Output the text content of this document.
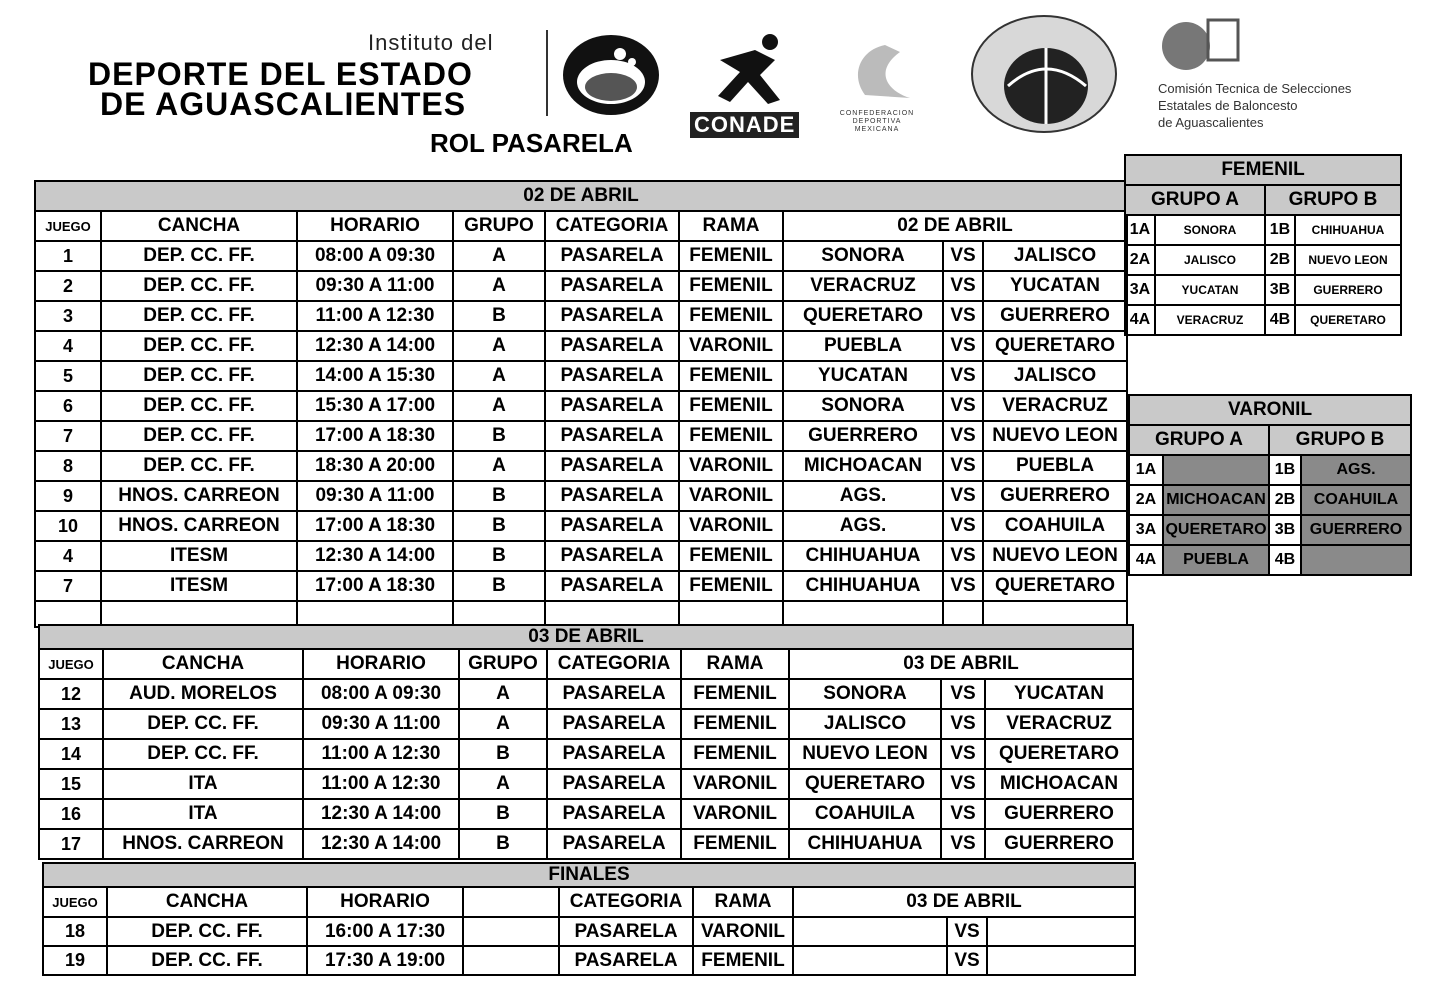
Instituto del
DEPORTE DEL ESTADO
DE AGUASCALIENTES
CONADE	CONFEDERACION DEPORTIVA MEXICANA
Comisión Tecnica de Selecciones
Estatales de Baloncesto
de Aguascalientes
ROL PASARELA
02 DE ABRIL								
JUEGO	CANCHA	HORARIO	GRUPO	CATEGORIA	RAMA	02 DE ABRIL		
1	DEP. CC. FF.	08:00 A 09:30	A	PASARELA	FEMENIL	SONORA	VS	JALISCO
2	DEP. CC. FF.	09:30 A 11:00	A	PASARELA	FEMENIL	VERACRUZ	VS	YUCATAN
3	DEP. CC. FF.	11:00 A 12:30	B	PASARELA	FEMENIL	QUERETARO	VS	GUERRERO
4	DEP. CC. FF.	12:30 A 14:00	A	PASARELA	VARONIL	PUEBLA	VS	QUERETARO
5	DEP. CC. FF.	14:00 A 15:30	A	PASARELA	FEMENIL	YUCATAN	VS	JALISCO
6	DEP. CC. FF.	15:30 A 17:00	A	PASARELA	FEMENIL	SONORA	VS	VERACRUZ
7	DEP. CC. FF.	17:00 A 18:30	B	PASARELA	FEMENIL	GUERRERO	VS	NUEVO LEON
8	DEP. CC. FF.	18:30 A 20:00	A	PASARELA	VARONIL	MICHOACAN	VS	PUEBLA
9	HNOS. CARREON	09:30 A 11:00	B	PASARELA	VARONIL	AGS.	VS	GUERRERO
10	HNOS. CARREON	17:00 A 18:30	B	PASARELA	VARONIL	AGS.	VS	COAHUILA
4	ITESM	12:30 A 14:00	B	PASARELA	FEMENIL	CHIHUAHUA	VS	NUEVO LEON
7	ITESM	17:00 A 18:30	B	PASARELA	FEMENIL	CHIHUAHUA	VS	QUERETARO

03 DE ABRIL								
JUEGO	CANCHA	HORARIO	GRUPO	CATEGORIA	RAMA	03 DE ABRIL		
12	AUD. MORELOS	08:00 A 09:30	A	PASARELA	FEMENIL	SONORA	VS	YUCATAN
13	DEP. CC. FF.	09:30 A 11:00	A	PASARELA	FEMENIL	JALISCO	VS	VERACRUZ
14	DEP. CC. FF.	11:00 A 12:30	B	PASARELA	FEMENIL	NUEVO LEON	VS	QUERETARO
15	ITA	11:00 A 12:30	A	PASARELA	VARONIL	QUERETARO	VS	MICHOACAN
16	ITA	12:30 A 14:00	B	PASARELA	VARONIL	COAHUILA	VS	GUERRERO
17	HNOS. CARREON	12:30 A 14:00	B	PASARELA	FEMENIL	CHIHUAHUA	VS	GUERRERO
FINALES								
JUEGO	CANCHA	HORARIO		CATEGORIA	RAMA	03 DE ABRIL		
18	DEP. CC. FF.	16:00 A 17:30		PASARELA	VARONIL		VS	
19	DEP. CC. FF.	17:30 A 19:00		PASARELA	FEMENIL		VS	
FEMENIL			
GRUPO A		GRUPO B	
1A	SONORA	1B	CHIHUAHUA
2A	JALISCO	2B	NUEVO LEON
3A	YUCATAN	3B	GUERRERO
4A	VERACRUZ	4B	QUERETARO
VARONIL			
GRUPO A		GRUPO B	
1A		1B	AGS.
2A	MICHOACAN	2B	COAHUILA
3A	QUERETARO	3B	GUERRERO
4A	PUEBLA	4B	
